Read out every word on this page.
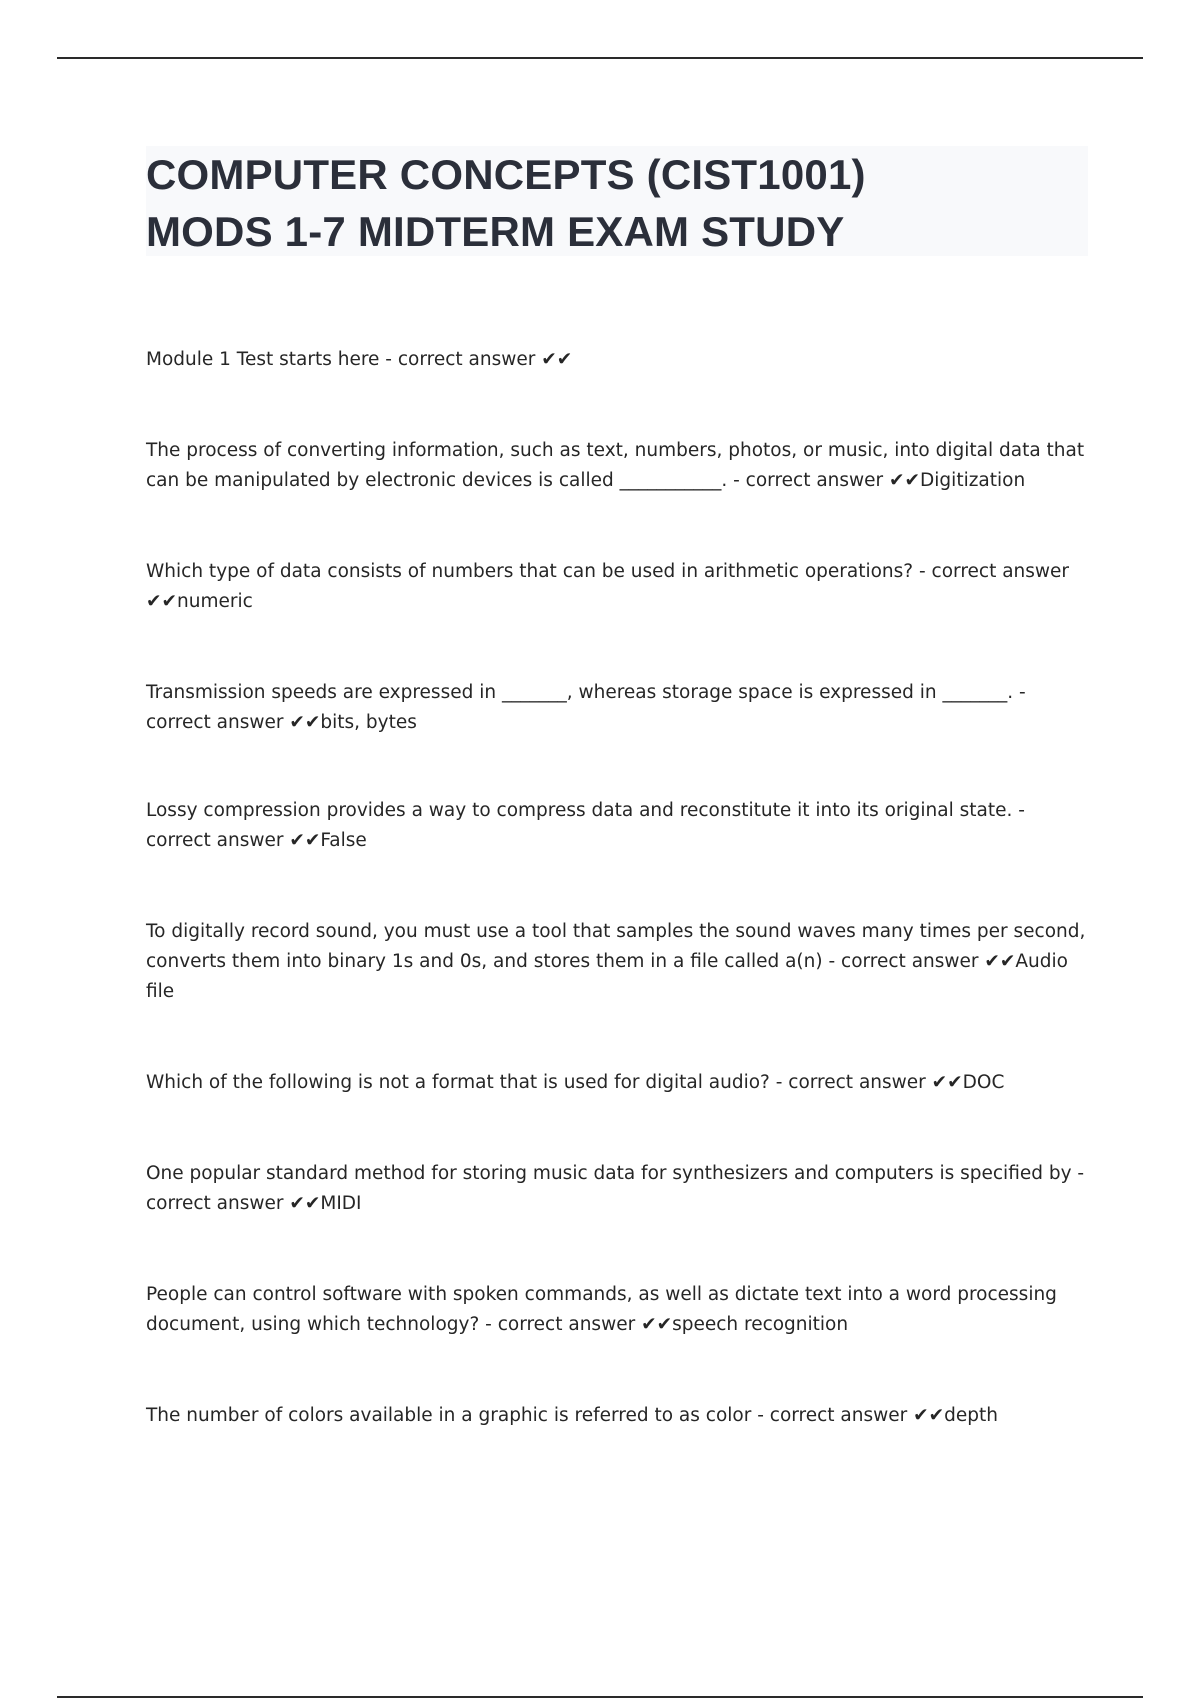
COMPUTER CONCEPTS (CIST1001)
MODS 1-7 MIDTERM EXAM STUDY

Module 1 Test starts here - correct answer ✔✔

The process of converting information, such as text, numbers, photos, or music, into digital data that can be manipulated by electronic devices is called ___________. - correct answer ✔✔Digitization

Which type of data consists of numbers that can be used in arithmetic operations? - correct answer ✔✔numeric

Transmission speeds are expressed in _______, whereas storage space is expressed in _______. - correct answer ✔✔bits, bytes

Lossy compression provides a way to compress data and reconstitute it into its original state. - correct answer ✔✔False

To digitally record sound, you must use a tool that samples the sound waves many times per second, converts them into binary 1s and 0s, and stores them in a file called a(n) - correct answer ✔✔Audio file

Which of the following is not a format that is used for digital audio? - correct answer ✔✔DOC

One popular standard method for storing music data for synthesizers and computers is specified by - correct answer ✔✔MIDI

People can control software with spoken commands, as well as dictate text into a word processing document, using which technology? - correct answer ✔✔speech recognition

The number of colors available in a graphic is referred to as color - correct answer ✔✔depth
